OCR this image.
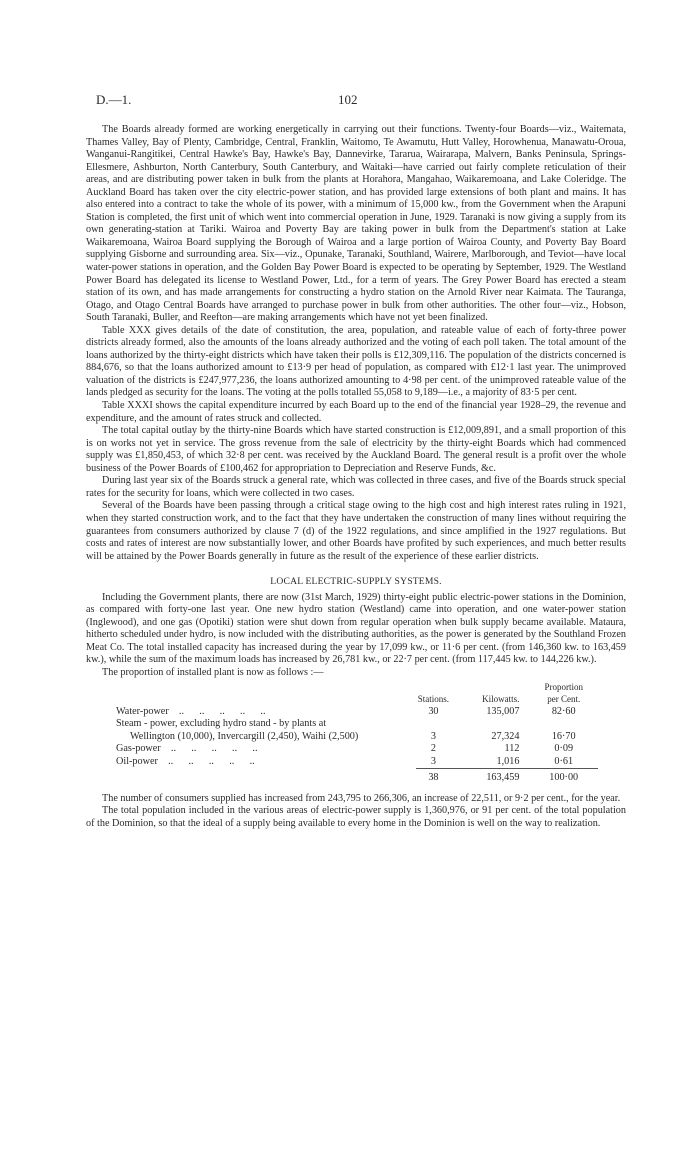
D.—1.	102

The Boards already formed are working energetically in carrying out their functions. Twenty-four Boards—viz., Waitemata, Thames Valley, Bay of Plenty, Cambridge, Central, Franklin, Waitomo, Te Awamutu, Hutt Valley, Horowhenua, Manawatu-Oroua, Wanganui-Rangitikei, Central Hawke's Bay, Hawke's Bay, Dannevirke, Tararua, Wairarapa, Malvern, Banks Peninsula, Springs-Ellesmere, Ashburton, North Canterbury, South Canterbury, and Waitaki—have carried out fairly complete reticulation of their areas, and are distributing power taken in bulk from the plants at Horahora, Mangahao, Waikaremoana, and Lake Coleridge. The Auckland Board has taken over the city electric-power station, and has provided large extensions of both plant and mains. It has also entered into a contract to take the whole of its power, with a minimum of 15,000 kw., from the Government when the Arapuni Station is completed, the first unit of which went into commercial operation in June, 1929. Taranaki is now giving a supply from its own generating-station at Tariki. Wairoa and Poverty Bay are taking power in bulk from the Department's station at Lake Waikaremoana, Wairoa Board supplying the Borough of Wairoa and a large portion of Wairoa County, and Poverty Bay Board supplying Gisborne and surrounding area. Six—viz., Opunake, Taranaki, Southland, Wairere, Marlborough, and Teviot—have local water-power stations in operation, and the Golden Bay Power Board is expected to be operating by September, 1929. The Westland Power Board has delegated its license to Westland Power, Ltd., for a term of years. The Grey Power Board has erected a steam station of its own, and has made arrangements for constructing a hydro station on the Arnold River near Kaimata. The Tauranga, Otago, and Otago Central Boards have arranged to purchase power in bulk from other authorities. The other four—viz., Hobson, South Taranaki, Buller, and Reefton—are making arrangements which have not yet been finalized.

Table XXX gives details of the date of constitution, the area, population, and rateable value of each of forty-three power districts already formed, also the amounts of the loans already authorized and the voting of each poll taken. The total amount of the loans authorized by the thirty-eight districts which have taken their polls is £12,309,116. The population of the districts concerned is 884,676, so that the loans authorized amount to £13·9 per head of population, as compared with £12·1 last year. The unimproved valuation of the districts is £247,977,236, the loans authorized amounting to 4·98 per cent. of the unimproved rateable value of the lands pledged as security for the loans. The voting at the polls totalled 55,058 to 9,189—i.e., a majority of 83·5 per cent.

Table XXXI shows the capital expenditure incurred by each Board up to the end of the financial year 1928–29, the revenue and expenditure, and the amount of rates struck and collected.

The total capital outlay by the thirty-nine Boards which have started construction is £12,009,891, and a small proportion of this is on works not yet in service. The gross revenue from the sale of electricity by the thirty-eight Boards which had commenced supply was £1,850,453, of which 32·8 per cent. was received by the Auckland Board. The general result is a profit over the whole business of the Power Boards of £100,462 for appropriation to Depreciation and Reserve Funds, &c.

During last year six of the Boards struck a general rate, which was collected in three cases, and five of the Boards struck special rates for the security for loans, which were collected in two cases.

Several of the Boards have been passing through a critical stage owing to the high cost and high interest rates ruling in 1921, when they started construction work, and to the fact that they have undertaken the construction of many lines without requiring the guarantees from consumers authorized by clause 7 (d) of the 1922 regulations, and since amplified in the 1927 regulations. But costs and rates of interest are now substantially lower, and other Boards have profited by such experiences, and much better results will be attained by the Power Boards generally in future as the result of the experience of these earlier districts.

LOCAL ELECTRIC-SUPPLY SYSTEMS.

Including the Government plants, there are now (31st March, 1929) thirty-eight public electric-power stations in the Dominion, as compared with forty-one last year. One new hydro station (Westland) came into operation, and one water-power station (Inglewood), and one gas (Opotiki) station were shut down from regular operation when bulk supply became available. Mataura, hitherto scheduled under hydro, is now included with the distributing authorities, as the power is generated by the Southland Frozen Meat Co. The total installed capacity has increased during the year by 17,099 kw., or 11·6 per cent. (from 146,360 kw. to 163,459 kw.), while the sum of the maximum loads has increased by 26,781 kw., or 22·7 per cent. (from 117,445 kw. to 144,226 kw.).

The proportion of installed plant is now as follows :—

	Stations.	Kilowatts.	Proportion
per Cent.

Water-power ..      ..      ..      ..      ..	30	135,007	82·60
Steam - power, excluding hydro stand - by plants at			
Wellington (10,000), Invercargill (2,450), Waihi (2,500)	3	27,324	16·70
Gas-power ..      ..      ..      ..      ..	2	112	0·09
Oil-power ..      ..      ..      ..      ..	3	1,016	0·61
	38	163,459	100·00

The number of consumers supplied has increased from 243,795 to 266,306, an increase of 22,511, or 9·2 per cent., for the year.

The total population included in the various areas of electric-power supply is 1,360,976, or 91 per cent. of the total population of the Dominion, so that the ideal of a supply being available to every home in the Dominion is well on the way to realization.
